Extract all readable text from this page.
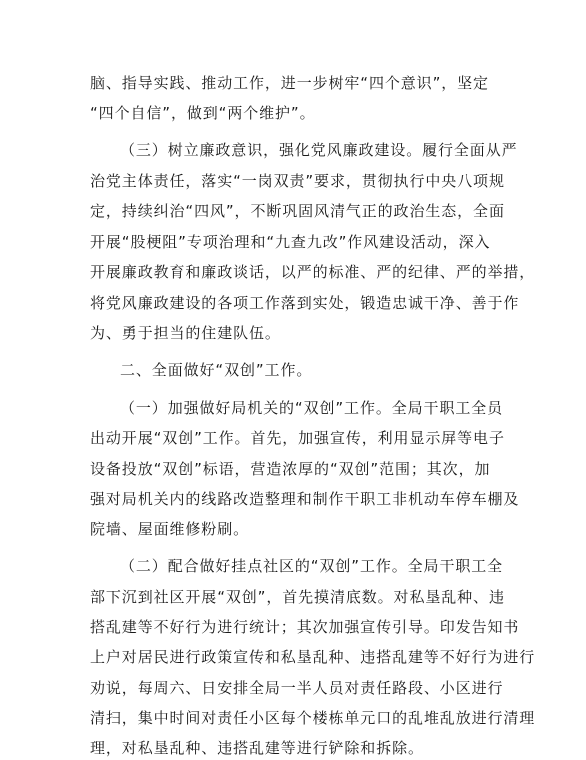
脑、指导实践、推动工作，进一步树牢“四个意识”，坚定
“四个自信”，做到“两个维护”。
（三）树立廉政意识，强化党风廉政建设。履行全面从严
治党主体责任，落实“一岗双责”要求，贯彻执行中央八项规
定，持续纠治“四风”，不断巩固风清气正的政治生态，全面
开展“股梗阻”专项治理和“九查九改”作风建设活动，深入
开展廉政教育和廉政谈话，以严的标准、严的纪律、严的举措，
将党风廉政建设的各项工作落到实处，锻造忠诚干净、善于作
为、勇于担当的住建队伍。
二、全面做好“双创”工作。
（一）加强做好局机关的“双创”工作。全局干职工全员
出动开展“双创”工作。首先，加强宣传，利用显示屏等电子
设备投放“双创”标语，营造浓厚的“双创”范围；其次，加
强对局机关内的线路改造整理和制作干职工非机动车停车棚及
院墙、屋面维修粉刷。
（二）配合做好挂点社区的“双创”工作。全局干职工全
部下沉到社区开展“双创”，首先摸清底数。对私垦乱种、违
搭乱建等不好行为进行统计；其次加强宣传引导。印发告知书
上户对居民进行政策宣传和私垦乱种、违搭乱建等不好行为进行
劝说，每周六、日安排全局一半人员对责任路段、小区进行
清扫，集中时间对责任小区每个楼栋单元口的乱堆乱放进行清理
理，对私垦乱种、违搭乱建等进行铲除和拆除。
